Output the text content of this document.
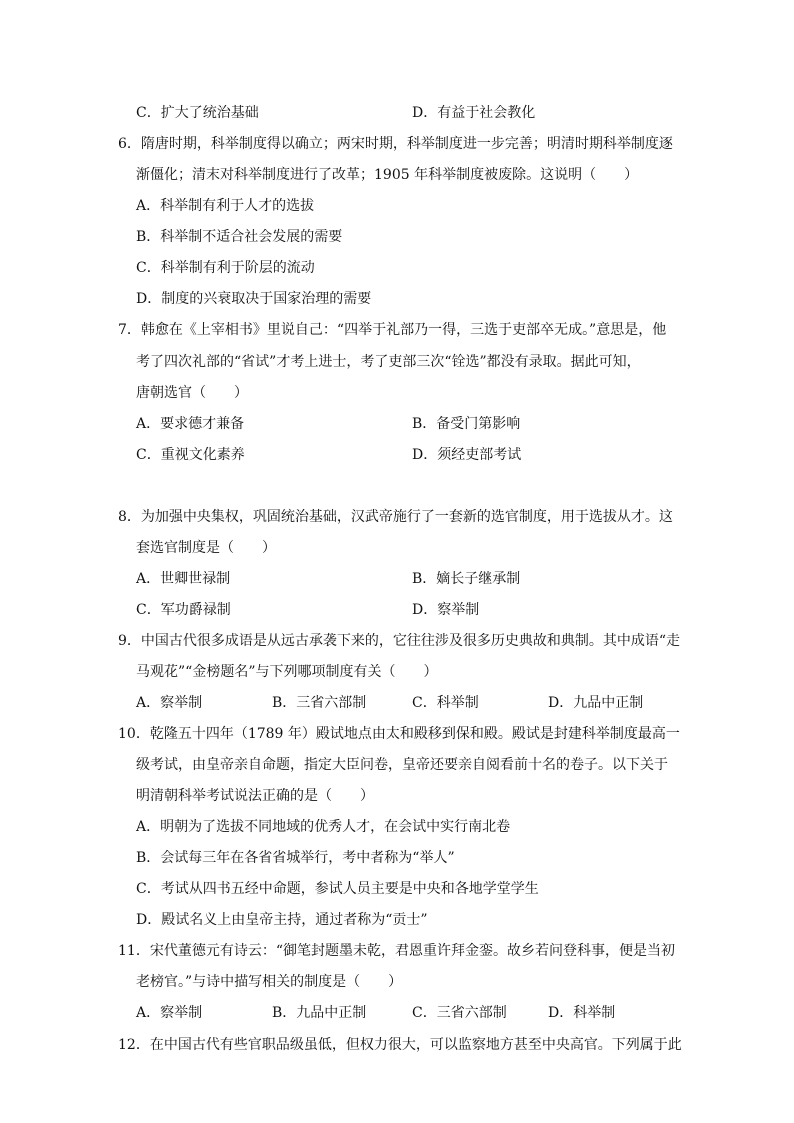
C．扩大了统治基础	D．有益于社会教化
6．隋唐时期，科举制度得以确立；两宋时期，科举制度进一步完善；明清时期科举制度逐
渐僵化；清末对科举制度进行了改革；1905 年科举制度被废除。这说明（　　）
A．科举制有利于人才的选拔
B．科举制不适合社会发展的需要
C．科举制有利于阶层的流动
D．制度的兴衰取决于国家治理的需要
7．韩愈在《上宰相书》里说自己：“四举于礼部乃一得，三选于吏部卒无成。”意思是，他
考了四次礼部的“省试”才考上进士，考了吏部三次“铨选”都没有录取。据此可知，
唐朝选官（　　）
A．要求德才兼备	B．备受门第影响
C．重视文化素养	D．须经吏部考试
8．为加强中央集权，巩固统治基础，汉武帝施行了一套新的选官制度，用于选拔从才。这
套选官制度是（　　）
A．世卿世禄制	B．嫡长子继承制
C．军功爵禄制	D．察举制
9．中国古代很多成语是从远古承袭下来的，它往往涉及很多历史典故和典制。其中成语“走
马观花”“金榜题名”与下列哪项制度有关（　　）
A．察举制	B．三省六部制	C．科举制	D．九品中正制
10．乾隆五十四年（1789 年）殿试地点由太和殿移到保和殿。殿试是封建科举制度最高一
级考试，由皇帝亲自命题，指定大臣问卷，皇帝还要亲自阅看前十名的卷子。以下关于
明清朝科举考试说法正确的是（　　）
A．明朝为了选拔不同地域的优秀人才，在会试中实行南北卷
B．会试每三年在各省省城举行，考中者称为“举人”
C．考试从四书五经中命题，参试人员主要是中央和各地学堂学生
D．殿试名义上由皇帝主持，通过者称为“贡士”
11．宋代董德元有诗云：“御笔封题墨未乾，君恩重许拜金銮。故乡若问登科事，便是当初
老榜官。”与诗中描写相关的制度是（　　）
A．察举制	B．九品中正制	C．三省六部制	D．科举制
12．在中国古代有些官职品级虽低，但权力很大，可以监察地方甚至中央高官。下列属于此
